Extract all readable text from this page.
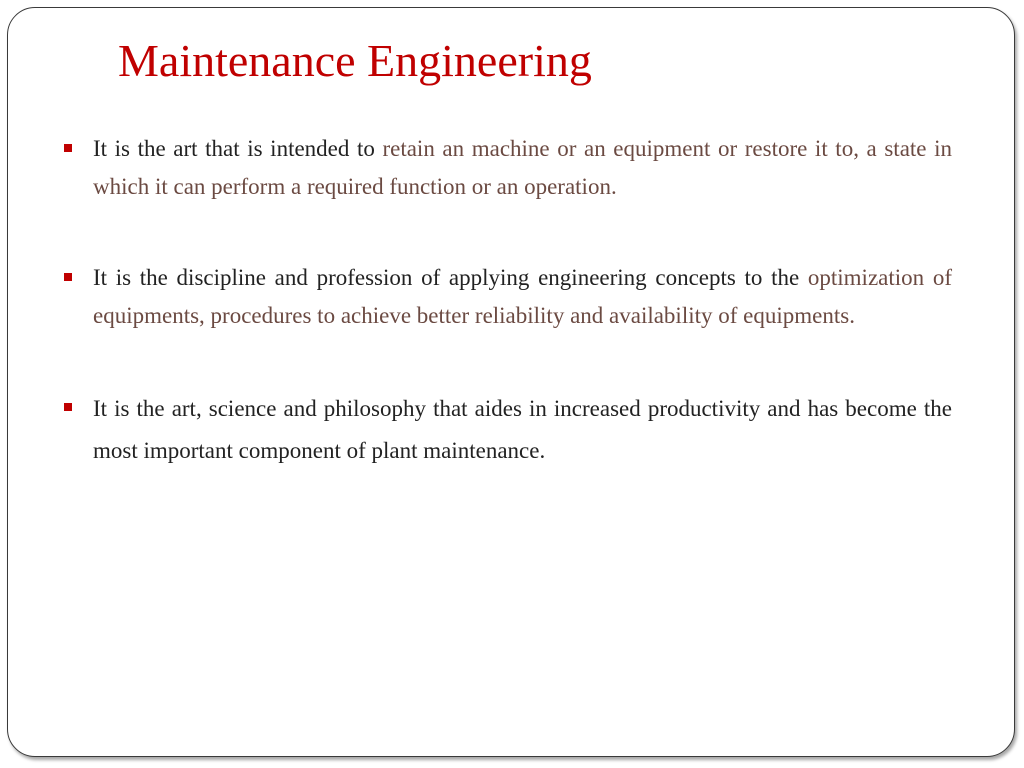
Maintenance Engineering
It is the art that is intended to retain an machine or an equipment or restore it to, a state in which it can perform a required function or an operation.
It is the discipline and profession of applying engineering concepts to the optimization of equipments, procedures to achieve better reliability and availability of equipments.
It is the art, science and philosophy that aides in increased productivity and has become the most important component of plant maintenance.
